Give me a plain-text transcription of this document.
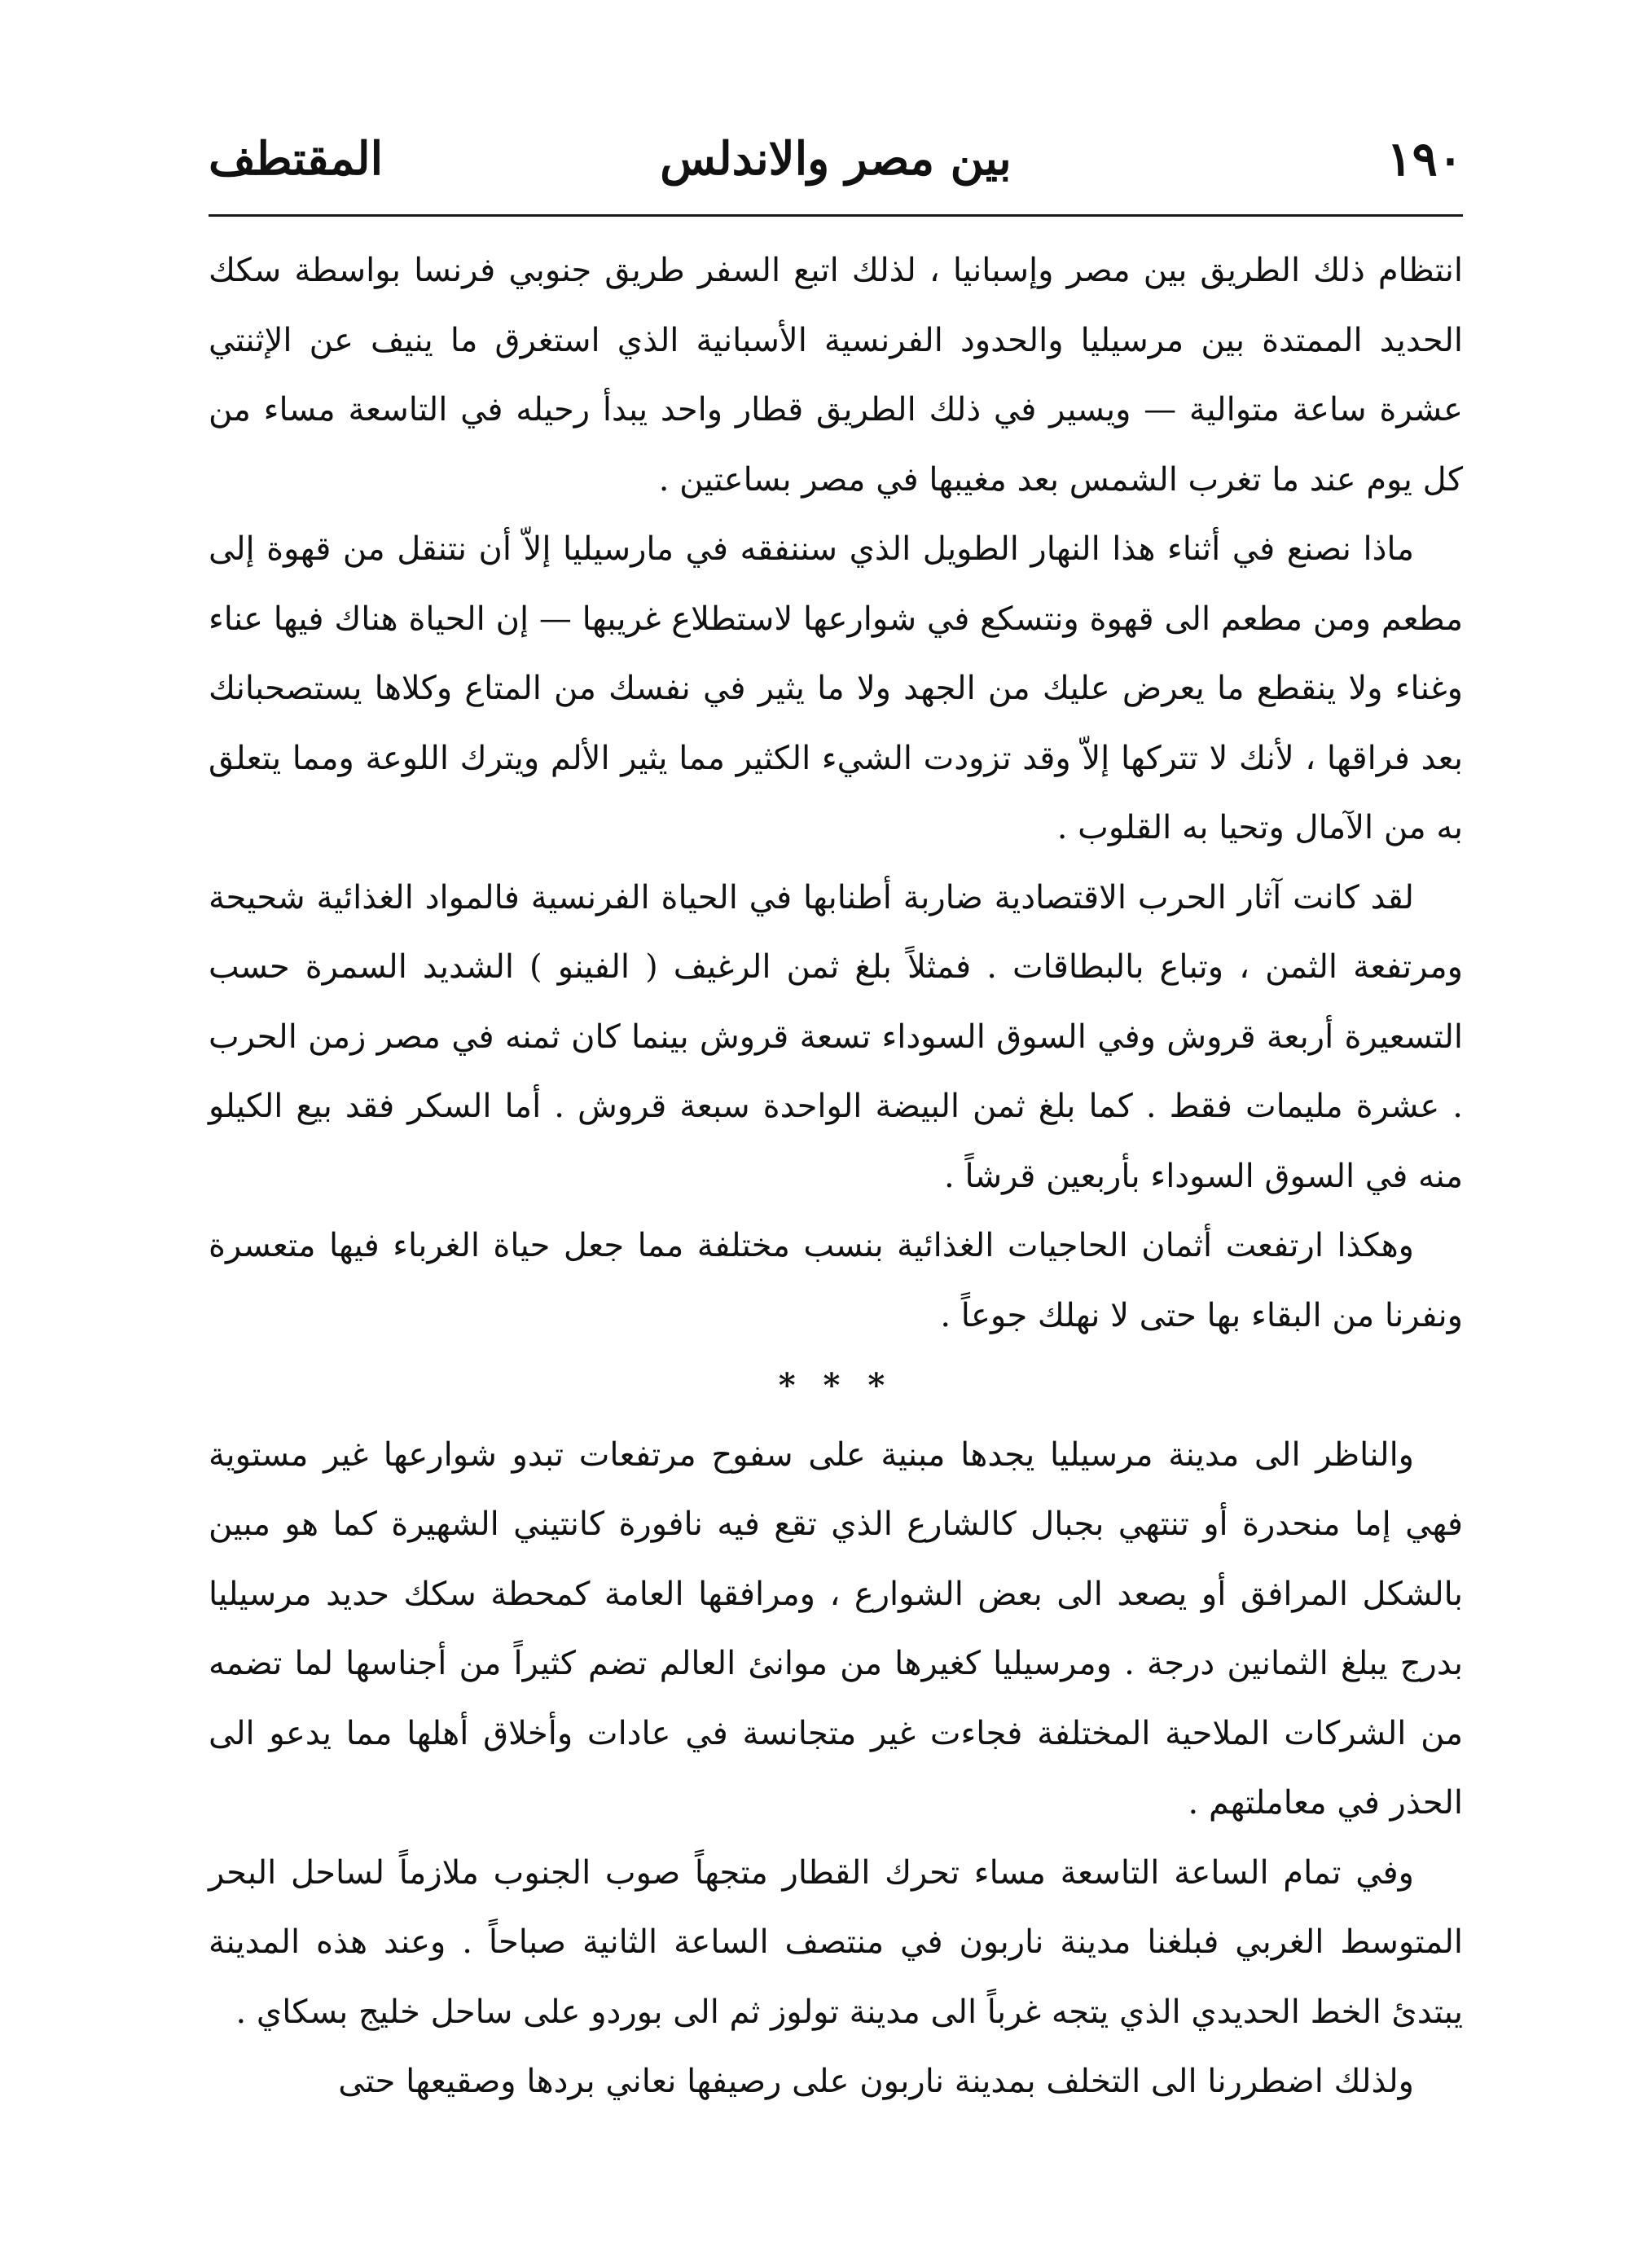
١٩٠
بين مصر والاندلس
المقتطف

انتظام ذلك الطريق بين مصر وإسبانيا ، لذلك اتبع السفر طريق جنوبي فرنسا بواسطة سكك الحديد الممتدة بين مرسيليا والحدود الفرنسية الأسبانية الذي استغرق ما ينيف عن الإثنتي عشرة ساعة متوالية — ويسير في ذلك الطريق قطار واحد يبدأ رحيله في التاسعة مساء من كل يوم عند ما تغرب الشمس بعد مغيبها في مصر بساعتين .

ماذا نصنع في أثناء هذا النهار الطويل الذي سننفقه في مارسيليا إلاّ أن نتنقل من قهوة إلى مطعم ومن مطعم الى قهوة ونتسكع في شوارعها لاستطلاع غريبها — إن الحياة هناك فيها عناء وغناء ولا ينقطع ما يعرض عليك من الجهد ولا ما يثير في نفسك من المتاع وكلاها يستصحبانك بعد فراقها ، لأنك لا تتركها إلاّ وقد تزودت الشيء الكثير مما يثير الألم ويترك اللوعة ومما يتعلق به من الآمال وتحيا به القلوب .

لقد كانت آثار الحرب الاقتصادية ضاربة أطنابها في الحياة الفرنسية فالمواد الغذائية شحيحة ومرتفعة الثمن ، وتباع بالبطاقات . فمثلاً بلغ ثمن الرغيف ( الفينو ) الشديد السمرة حسب التسعيرة أربعة قروش وفي السوق السوداء تسعة قروش بينما كان ثمنه في مصر زمن الحرب . عشرة مليمات فقط . كما بلغ ثمن البيضة الواحدة سبعة قروش . أما السكر فقد بيع الكيلو منه في السوق السوداء بأربعين قرشاً .

وهكذا ارتفعت أثمان الحاجيات الغذائية بنسب مختلفة مما جعل حياة الغرباء فيها متعسرة ونفرنا من البقاء بها حتى لا نهلك جوعاً .

* * *

والناظر الى مدينة مرسيليا يجدها مبنية على سفوح مرتفعات تبدو شوارعها غير مستوية فهي إما منحدرة أو تنتهي بجبال كالشارع الذي تقع فيه نافورة كانتيني الشهيرة كما هو مبين بالشكل المرافق أو يصعد الى بعض الشوارع ، ومرافقها العامة كمحطة سكك حديد مرسيليا بدرج يبلغ الثمانين درجة . ومرسيليا كغيرها من موانئ العالم تضم كثيراً من أجناسها لما تضمه من الشركات الملاحية المختلفة فجاءت غير متجانسة في عادات وأخلاق أهلها مما يدعو الى الحذر في معاملتهم .

وفي تمام الساعة التاسعة مساء تحرك القطار متجهاً صوب الجنوب ملازماً لساحل البحر المتوسط الغربي فبلغنا مدينة ناربون في منتصف الساعة الثانية صباحاً . وعند هذه المدينة يبتدئ الخط الحديدي الذي يتجه غرباً الى مدينة تولوز ثم الى بوردو على ساحل خليج بسكاي .

ولذلك اضطررنا الى التخلف بمدينة ناربون على رصيفها نعاني بردها وصقيعها حتى
